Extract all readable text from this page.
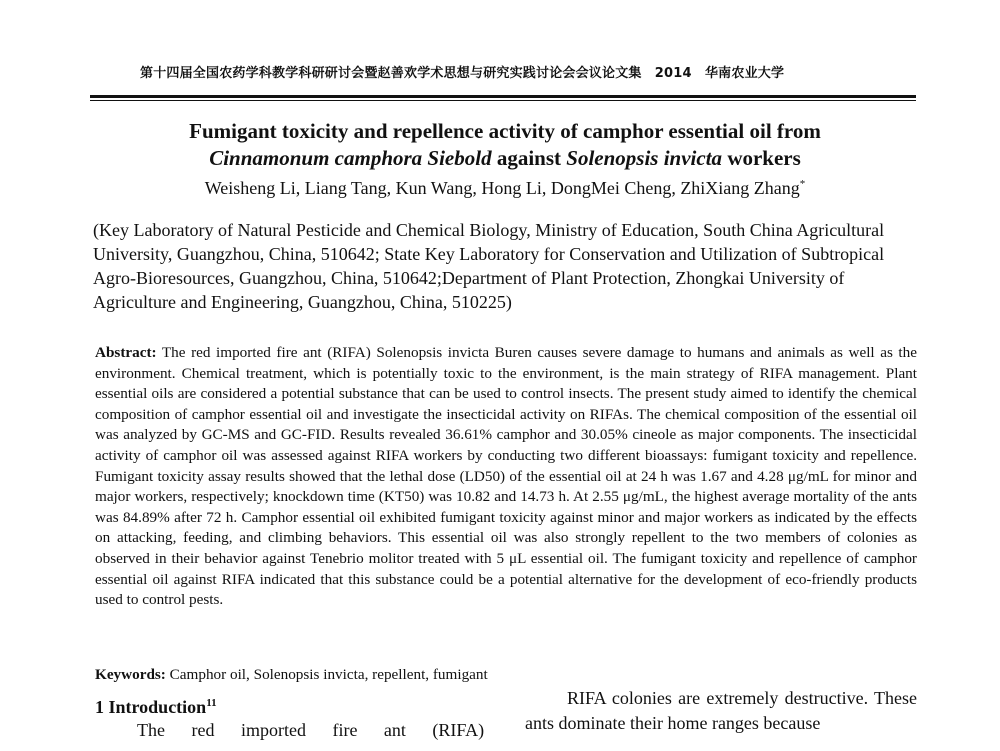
第十四届全国农药学科教学科研研讨会暨赵善欢学术思想与研究实践讨论会会议论文集　2014　华南农业大学
Fumigant toxicity and repellence activity of camphor essential oil from
Cinnamonum camphora Siebold against Solenopsis invicta workers
Weisheng Li, Liang Tang, Kun Wang, Hong Li, DongMei Cheng, ZhiXiang Zhang*
(Key Laboratory of Natural Pesticide and Chemical Biology, Ministry of Education, South China Agricultural University, Guangzhou, China, 510642; State Key Laboratory for Conservation and Utilization of Subtropical Agro-Bioresources, Guangzhou, China, 510642;Department of Plant Protection, Zhongkai University of Agriculture and Engineering, Guangzhou, China, 510225)
Abstract: The red imported fire ant (RIFA) Solenopsis invicta Buren causes severe damage to humans and animals as well as the environment. Chemical treatment, which is potentially toxic to the environment, is the main strategy of RIFA management. Plant essential oils are considered a potential substance that can be used to control insects. The present study aimed to identify the chemical composition of camphor essential oil and investigate the insecticidal activity on RIFAs. The chemical composition of the essential oil was analyzed by GC-MS and GC-FID. Results revealed 36.61% camphor and 30.05% cineole as major components. The insecticidal activity of camphor oil was assessed against RIFA workers by conducting two different bioassays: fumigant toxicity and repellence. Fumigant toxicity assay results showed that the lethal dose (LD50) of the essential oil at 24 h was 1.67 and 4.28 μg/mL for minor and major workers, respectively; knockdown time (KT50) was 10.82 and 14.73 h. At 2.55 μg/mL, the highest average mortality of the ants was 84.89% after 72 h. Camphor essential oil exhibited fumigant toxicity against minor and major workers as indicated by the effects on attacking, feeding, and climbing behaviors. This essential oil was also strongly repellent to the two members of colonies as observed in their behavior against Tenebrio molitor treated with 5 μL essential oil. The fumigant toxicity and repellence of camphor essential oil against RIFA indicated that this substance could be a potential alternative for the development of eco-friendly products used to control pests.
Keywords: Camphor oil, Solenopsis invicta, repellent, fumigant
1 Introduction$^{11}$

The red imported fire ant (RIFA)

RIFA colonies are extremely destructive. These ants dominate their home ranges because
